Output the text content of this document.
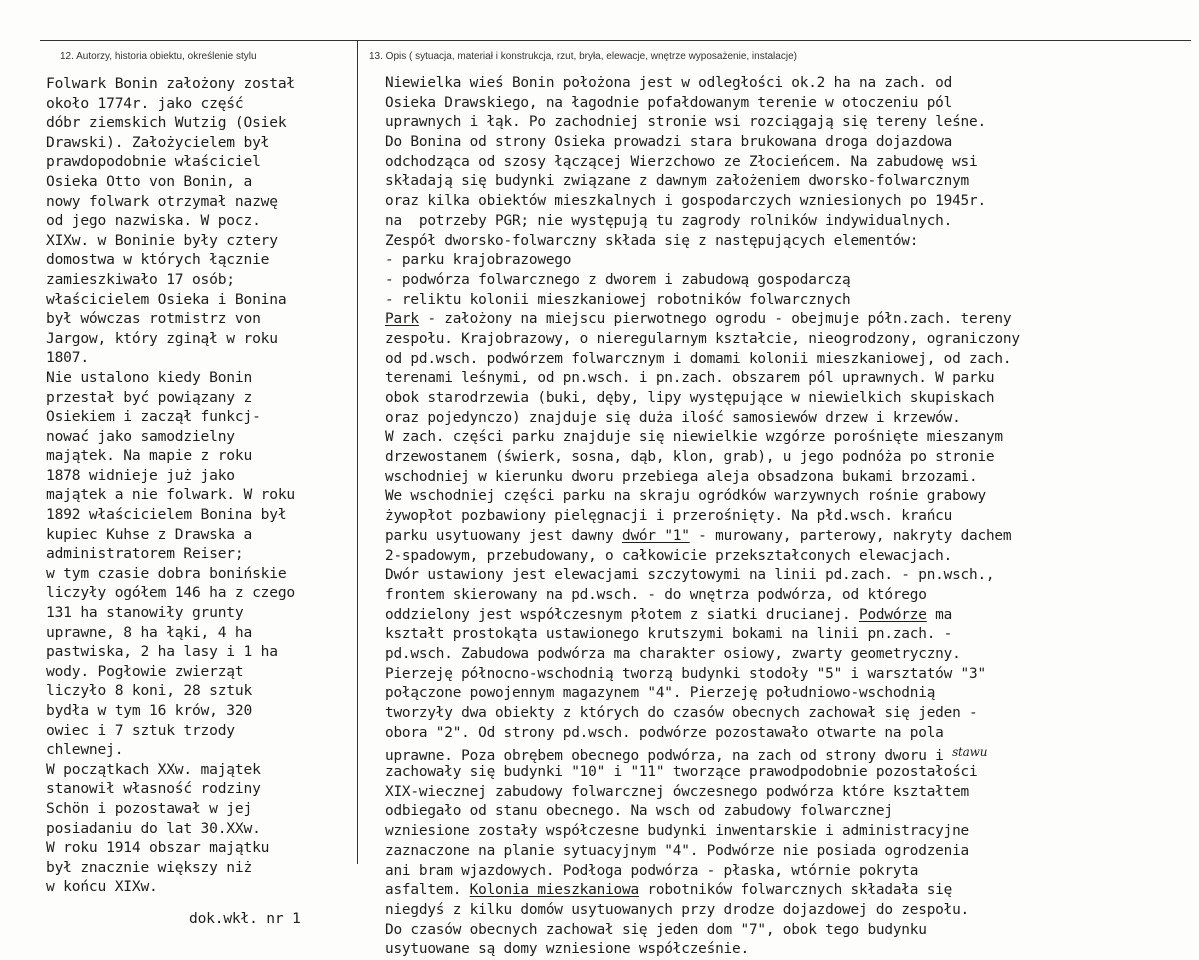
12. Autorzy, historia obiektu, określenie stylu	13. Opis ( sytuacja, materiał i konstrukcja, rzut, bryła, elewacje, wnętrze wyposażenie, instalacje)
Folwark Bonin założony został
około 1774r. jako część
dóbr ziemskich Wutzig (Osiek
Drawski). Założycielem był
prawdopodobnie właściciel
Osieka Otto von Bonin, a
nowy folwark otrzymał nazwę
od jego nazwiska. W pocz.
XIXw. w Boninie były cztery
domostwa w których łącznie
zamieszkiwało 17 osób;
właścicielem Osieka i Bonina
był wówczas rotmistrz von
Jargow, który zginął w roku
1807.
Nie ustalono kiedy Bonin
przestał być powiązany z
Osiekiem i zaczął funkcj-
nować jako samodzielny
majątek. Na mapie z roku
1878 widnieje już jako
majątek a nie folwark. W roku
1892 właścicielem Bonina był
kupiec Kuhse z Drawska a
administratorem Reiser;
w tym czasie dobra bonińskie
liczyły ogółem 146 ha z czego
131 ha stanowiły grunty
uprawne, 8 ha łąki, 4 ha
pastwiska, 2 ha lasy i 1 ha
wody. Pogłowie zwierząt
liczyło 8 koni, 28 sztuk
bydła w tym 16 krów, 320
owiec i 7 sztuk trzody
chlewnej.
W początkach XXw. majątek
stanowił własność rodziny
Schön i pozostawał w jej
posiadaniu do lat 30.XXw.
W roku 1914 obszar majątku
był znacznie większy niż
w końcu XIXw.
dok.wkł. nr 1
Niewielka wieś Bonin położona jest w odległości ok.2 ha na zach. od
Osieka Drawskiego, na łagodnie pofałdowanym terenie w otoczeniu pól
uprawnych i łąk. Po zachodniej stronie wsi rozciągają się tereny leśne.
Do Bonina od strony Osieka prowadzi stara brukowana droga dojazdowa
odchodząca od szosy łączącej Wierzchowo ze Złocieńcem. Na zabudowę wsi
składają się budynki związane z dawnym założeniem dworsko-folwarcznym
oraz kilka obiektów mieszkalnych i gospodarczych wzniesionych po 1945r.
na  potrzeby PGR; nie występują tu zagrody rolników indywidualnych.
Zespół dworsko-folwarczny składa się z następujących elementów:
- parku krajobrazowego
- podwórza folwarcznego z dworem i zabudową gospodarczą
- reliktu kolonii mieszkaniowej robotników folwarcznych
Park - założony na miejscu pierwotnego ogrodu - obejmuje półn.zach. tereny
zespołu. Krajobrazowy, o nieregularnym kształcie, nieogrodzony, ograniczony
od pd.wsch. podwórzem folwarcznym i domami kolonii mieszkaniowej, od zach.
terenami leśnymi, od pn.wsch. i pn.zach. obszarem pól uprawnych. W parku
obok starodrzewia (buki, dęby, lipy występujące w niewielkich skupiskach
oraz pojedynczo) znajduje się duża ilość samosiewów drzew i krzewów.
W zach. części parku znajduje się niewielkie wzgórze porośnięte mieszanym
drzewostanem (świerk, sosna, dąb, klon, grab), u jego podnóża po stronie
wschodniej w kierunku dworu przebiega aleja obsadzona bukami brzozami.
We wschodniej części parku na skraju ogródków warzywnych rośnie grabowy
żywopłot pozbawiony pielęgnacji i przerośnięty. Na płd.wsch. krańcu
parku usytuowany jest dawny dwór "1" - murowany, parterowy, nakryty dachem
2-spadowym, przebudowany, o całkowicie przekształconych elewacjach.
Dwór ustawiony jest elewacjami szczytowymi na linii pd.zach. - pn.wsch.,
frontem skierowany na pd.wsch. - do wnętrza podwórza, od którego
oddzielony jest współczesnym płotem z siatki drucianej. Podwórze ma
kształt prostokąta ustawionego krutszymi bokami na linii pn.zach. -
pd.wsch. Zabudowa podwórza ma charakter osiowy, zwarty geometryczny.
Pierzeję północno-wschodnią tworzą budynki stodoły "5" i warsztatów "3"
połączone powojennym magazynem "4". Pierzeję południowo-wschodnią
tworzyły dwa obiekty z których do czasów obecnych zachował się jeden -
obora "2". Od strony pd.wsch. podwórze pozostawało otwarte na pola
uprawne. Poza obrębem obecnego podwórza, na zach od strony dworu i $^{stawu}$
zachowały się budynki "10" i "11" tworzące prawodpodobnie pozostałości
XIX-wiecznej zabudowy folwarcznej ówczesnego podwórza które kształtem
odbiegało od stanu obecnego. Na wsch od zabudowy folwarcznej
wzniesione zostały współczesne budynki inwentarskie i administracyjne
zaznaczone na planie sytuacyjnym "4". Podwórze nie posiada ogrodzenia
ani bram wjazdowych. Podłoga podwórza - płaska, wtórnie pokryta
asfaltem. Kolonia mieszkaniowa robotników folwarcznych składała się
niegdyś z kilku domów usytuowanych przy drodze dojazdowej do zespołu.
Do czasów obecnych zachował się jeden dom "7", obok tego budynku
usytuowane są domy wzniesione współcześnie.
